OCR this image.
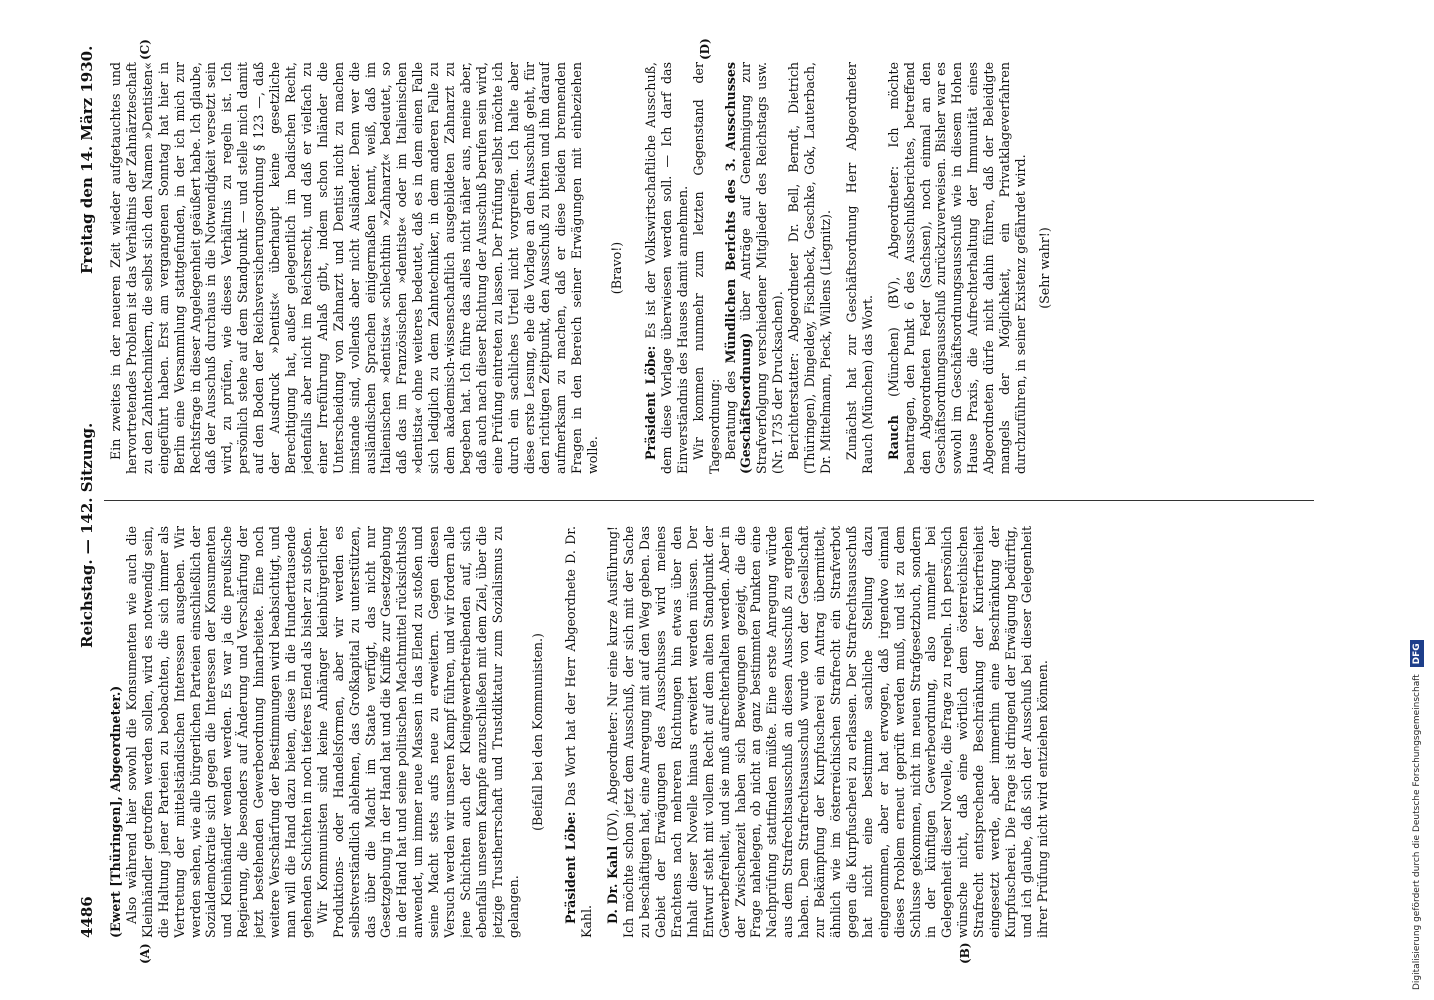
4486
Reichstag. — 142. Sitzung.
Freitag den 14. März 1930.
(A)	(B)
(C)	(D)

(Ewert [Thüringen], Abgeordneter.) Also während hier sowohl die Konsumenten wie auch die Kleinhändler getroffen werden sollen, wird es notwendig sein, die Haltung jener Parteien zu beobachten, die sich immer als Vertretung der mittelständischen Interessen ausgeben. Wir werden sehen, wie alle bürgerlichen Parteien einschließlich der Sozialdemokratie sich gegen die Interessen der Konsumenten und Kleinhändler wenden werden. Es war ja die preußische Regierung, die besonders auf Änderung und Verschärfung der jetzt bestehenden Gewerbeordnung hinarbeitete. Eine noch weitere Verschärfung der Bestimmungen wird beabsichtigt, und man will die Hand dazu bieten, diese in die Hunderttausende gehenden Schichten in noch tieferes Elend als bisher zu stoßen. Wir Kommunisten sind keine Anhänger kleinbürgerlicher Produktions- oder Handelsformen, aber wir werden es selbstverständlich ablehnen, das Großkapital zu unterstützen, das über die Macht im Staate verfügt, das nicht nur Gesetzgebung in der Hand hat und die Kniffe zur Gesetzgebung in der Hand hat und seine politischen Machtmittel rücksichtslos anwendet, um immer neue Massen in das Elend zu stoßen und seine Macht stets aufs neue zu erweitern. Gegen diesen Versuch werden wir unseren Kampf führen, und wir fordern alle jene Schichten auch der Kleingewerbetreibenden auf, sich ebenfalls unserem Kampfe anzuschließen mit dem Ziel, über die jetzige Trustherrschaft und Trustdiktatur zum Sozialismus zu gelangen.

(Beifall bei den Kommunisten.)

Präsident Löbe: Das Wort hat der Herr Abgeordnete D. Dr. Kahl. D. Dr. Kahl (DV), Abgeordneter: Nur eine kurze Ausführung! Ich möchte schon jetzt dem Ausschuß, der sich mit der Sache zu beschäftigen hat, eine Anregung mit auf den Weg geben. Das Gebiet der Erwägungen des Ausschusses wird meines Erachtens nach mehreren Richtungen hin etwas über den Inhalt dieser Novelle hinaus erweitert werden müssen. Der Entwurf steht mit vollem Recht auf dem alten Standpunkt der Gewerbefreiheit, und sie muß aufrechterhalten werden. Aber in der Zwischenzeit haben sich Bewegungen gezeigt, die die Frage nahelegen, ob nicht an ganz bestimmten Punkten eine Nachprüfung stattfinden müßte. Eine erste Anregung würde aus dem Strafrechtsausschuß an diesen Ausschuß zu ergehen haben. Dem Strafrechtsausschuß wurde von der Gesellschaft zur Bekämpfung der Kurpfuscherei ein Antrag übermittelt, ähnlich wie im österreichischen Strafrecht ein Strafverbot gegen die Kurpfuscherei zu erlassen. Der Strafrechtsausschuß hat nicht eine bestimmte sachliche Stellung dazu eingenommen, aber er hat erwogen, daß irgendwo einmal dieses Problem erneut geprüft werden muß, und ist zu dem Schlusse gekommen, nicht im neuen Strafgesetzbuch, sondern in der künftigen Gewerbeordnung, also nunmehr bei Gelegenheit dieser Novelle, die Frage zu regeln. Ich persönlich wünsche nicht, daß eine wörtlich dem österreichischen Strafrecht entsprechende Beschränkung der Kurierfreiheit eingesetzt werde, aber immerhin eine Beschränkung der Kurpfuscherei. Die Frage ist dringend der Erwägung bedürftig, und ich glaube, daß sich der Ausschuß bei dieser Gelegenheit ihrer Prüfung nicht wird entziehen können.

Ein zweites in der neueren Zeit wieder aufgetauchtes und hervortretendes Problem ist das Verhältnis der Zahnärzteschaft zu den Zahntechnikern, die selbst sich den Namen »Dentisten« eingeführt haben. Erst am vergangenen Sonntag hat hier in Berlin eine Versammlung stattgefunden, in der ich mich zur Rechtsfrage in dieser Angelegenheit geäußert habe. Ich glaube, daß der Ausschuß durchaus in die Notwendigkeit versetzt sein wird, zu prüfen, wie dieses Verhältnis zu regeln ist. Ich persönlich stehe auf dem Standpunkt — und stelle mich damit auf den Boden der Reichsversicherungsordnung § 123 —, daß der Ausdruck »Dentist« überhaupt keine gesetzliche Berechtigung hat, außer gelegentlich im badischen Recht, jedenfalls aber nicht im Reichsrecht, und daß er vielfach zu einer Irreführung Anlaß gibt, indem schon Inländer die Unterscheidung von Zahnarzt und Dentist nicht zu machen imstande sind, vollends aber nicht Ausländer. Denn wer die ausländischen Sprachen einigermaßen kennt, weiß, daß im Italienischen »dentista« schlechthin »Zahnarzt« bedeutet, so daß das im Französischen »dentiste« oder im Italienischen »dentista« ohne weiteres bedeutet, daß es in dem einen Falle sich lediglich zu dem Zahntechniker, in dem anderen Falle zu dem akademisch-wissenschaftlich ausgebildeten Zahnarzt zu begeben hat. Ich führe das alles nicht näher aus, meine aber, daß auch nach dieser Richtung der Ausschuß berufen sein wird, eine Prüfung eintreten zu lassen. Der Prüfung selbst möchte ich durch ein sachliches Urteil nicht vorgreifen. Ich halte aber diese erste Lesung, ehe die Vorlage an den Ausschuß geht, für den richtigen Zeitpunkt, den Ausschuß zu bitten und ihn darauf aufmerksam zu machen, daß er diese beiden brennenden Fragen in den Bereich seiner Erwägungen mit einbeziehen wolle.

(Bravo!)

Präsident Löbe: Es ist der Volkswirtschaftliche Ausschuß, dem diese Vorlage überwiesen werden soll. — Ich darf das Einverständnis des Hauses damit annehmen. Wir kommen nunmehr zum letzten Gegenstand der Tagesordnung: Beratung des Mündlichen Berichts des 3. Ausschusses (Geschäftsordnung) über Anträge auf Genehmigung zur Strafverfolgung verschiedener Mitglieder des Reichstags usw. (Nr. 1735 der Drucksachen). Berichterstatter: Abgeordneter Dr. Bell, Berndt, Dietrich (Thüringen), Dingeldey, Fischbeck, Geschke, Gok, Lauterbach, Dr. Mittelmann, Pieck, Willens (Liegnitz). Zunächst hat zur Geschäftsordnung Herr Abgeordneter Rauch (München) das Wort. Rauch (München) (BV), Abgeordneter: Ich möchte beantragen, den Punkt 6 des Ausschußberichtes, betreffend den Abgeordneten Feder (Sachsen), noch einmal an den Geschäftsordnungsausschuß zurückzuverweisen. Bisher war es sowohl im Geschäftsordnungsausschuß wie in diesem Hohen Hause Praxis, die Aufrechterhaltung der Immunität eines Abgeordneten dürfe nicht dahin führen, daß der Beleidigte mangels der Möglichkeit, ein Privatklageverfahren durchzuführen, in seiner Existenz gefährdet wird. (Sehr wahr!)

Digitalisierung gefördert durch die Deutsche Forschungsgemeinschaft DFG
